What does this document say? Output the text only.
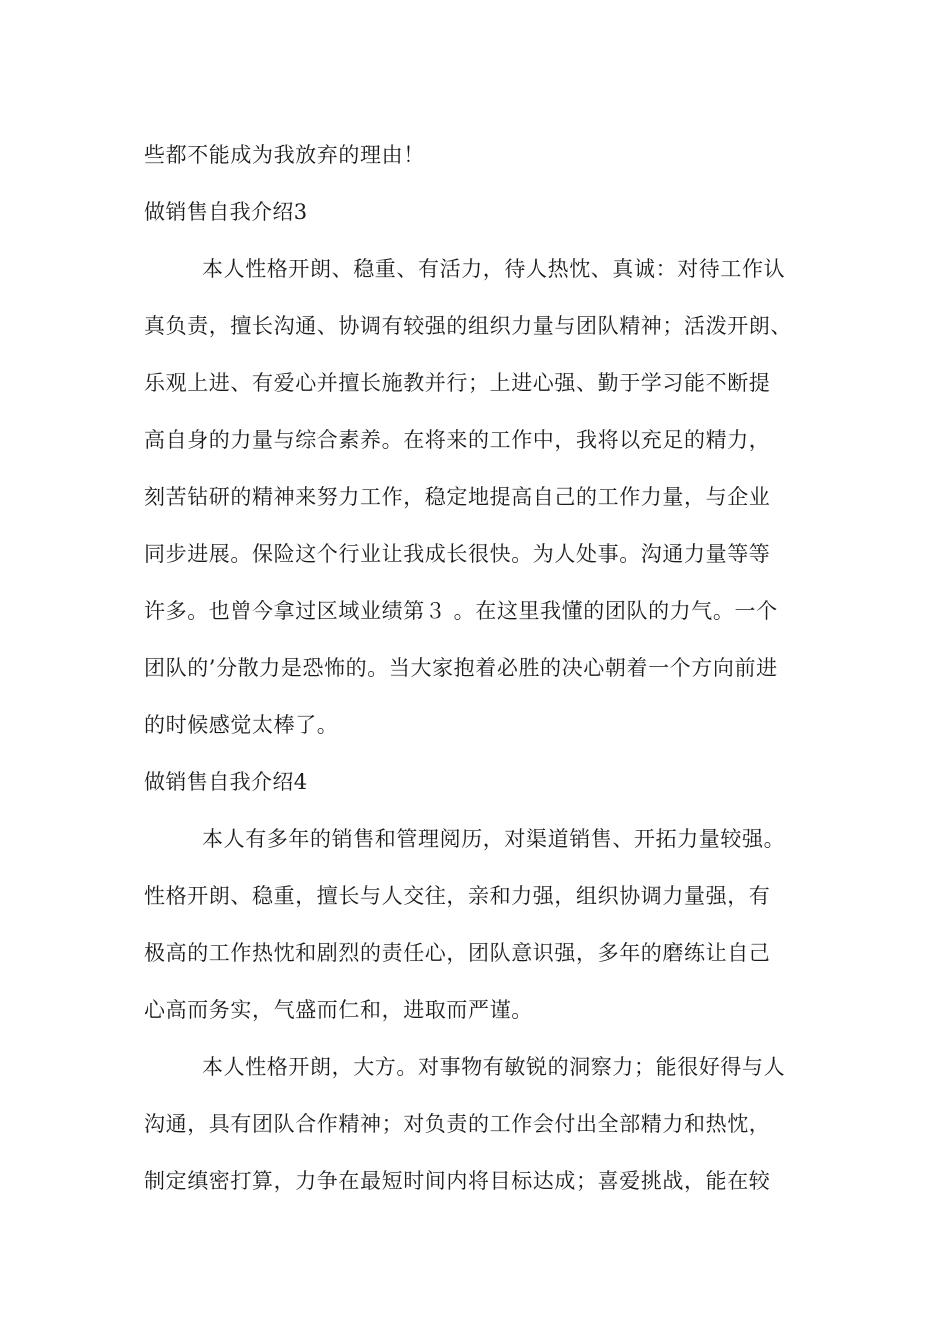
些都不能成为我放弃的理由！
做销售自我介绍3
本人性格开朗、稳重、有活力，待人热忱、真诚：对待工作认
真负责，擅长沟通、协调有较强的组织力量与团队精神；活泼开朗、
乐观上进、有爱心并擅长施教并行；上进心强、勤于学习能不断提
高自身的力量与综合素养。在将来的工作中，我将以充足的精力，
刻苦钻研的精神来努力工作，稳定地提高自己的工作力量，与企业
同步进展。保险这个行业让我成长很快。为人处事。沟通力量等等
许多。也曾今拿过区域业绩第３ 。在这里我懂的团队的力气。一个
团队的’分散力是恐怖的。当大家抱着必胜的决心朝着一个方向前进
的时候感觉太棒了。
做销售自我介绍4
本人有多年的销售和管理阅历，对渠道销售、开拓力量较强。
性格开朗、稳重，擅长与人交往，亲和力强，组织协调力量强，有
极高的工作热忱和剧烈的责任心，团队意识强，多年的磨练让自己
心高而务实，气盛而仁和，进取而严谨。
本人性格开朗，大方。对事物有敏锐的洞察力；能很好得与人
沟通，具有团队合作精神；对负责的工作会付出全部精力和热忱，
制定缜密打算，力争在最短时间内将目标达成；喜爱挑战，能在较
